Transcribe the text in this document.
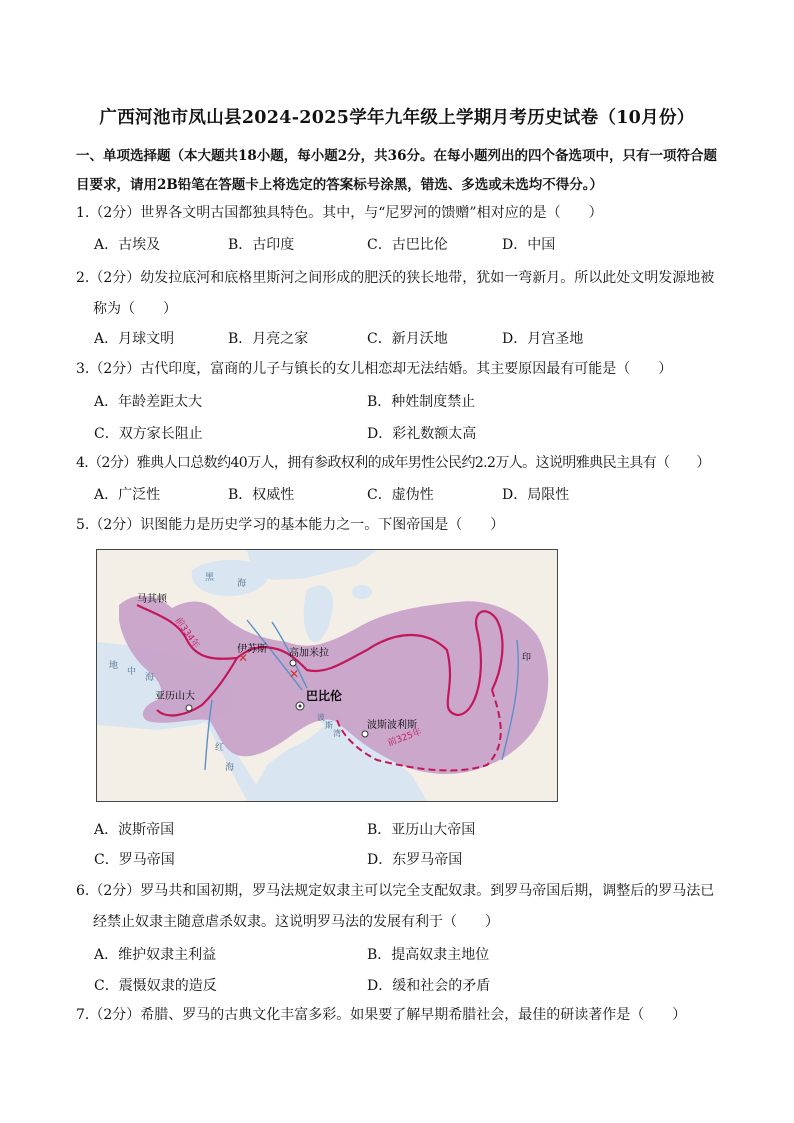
广西河池市凤山县2024-2025学年九年级上学期月考历史试卷（10月份）
一、单项选择题（本大题共18小题，每小题2分，共36分。在每小题列出的四个备选项中，只有一项符合题目要求，请用2B铅笔在答题卡上将选定的答案标号涂黑，错选、多选或未选均不得分。）
1.（2分）世界各文明古国都独具特色。其中，与“尼罗河的馈赠”相对应的是（　　）
A．古埃及	B．古印度	C．古巴比伦	D．中国
2.（2分）幼发拉底河和底格里斯河之间形成的肥沃的狭长地带，犹如一弯新月。所以此处文明发源地被
称为（　　）
A．月球文明	B．月亮之家	C．新月沃地	D．月宫圣地
3.（2分）古代印度，富商的儿子与镇长的女儿相恋却无法结婚。其主要原因最有可能是（　　）
A．年龄差距太大	B．种姓制度禁止
C．双方家长阻止	D．彩礼数额太高
4.（2分）雅典人口总数约40万人，拥有参政权利的成年男性公民约2.2万人。这说明雅典民主具有（　　）
A．广泛性	B．权威性	C．虚伪性	D．局限性
5.（2分）识图能力是历史学习的基本能力之一。下图帝国是（　　）
✕
✕
马其顿
前334年	伊苏斯 高加米拉
巴比伦
亚历山大
波斯波利斯
前325年
黑
海
地
中
海
红
海
波
斯
湾
印
A．波斯帝国	B．亚历山大帝国
C．罗马帝国	D．东罗马帝国
6.（2分）罗马共和国初期，罗马法规定奴隶主可以完全支配奴隶。到罗马帝国后期，调整后的罗马法已
经禁止奴隶主随意虐杀奴隶。这说明罗马法的发展有利于（　　）
A．维护奴隶主利益	B．提高奴隶主地位
C．震慑奴隶的造反	D．缓和社会的矛盾
7.（2分）希腊、罗马的古典文化丰富多彩。如果要了解早期希腊社会，最佳的研读著作是（　　）
